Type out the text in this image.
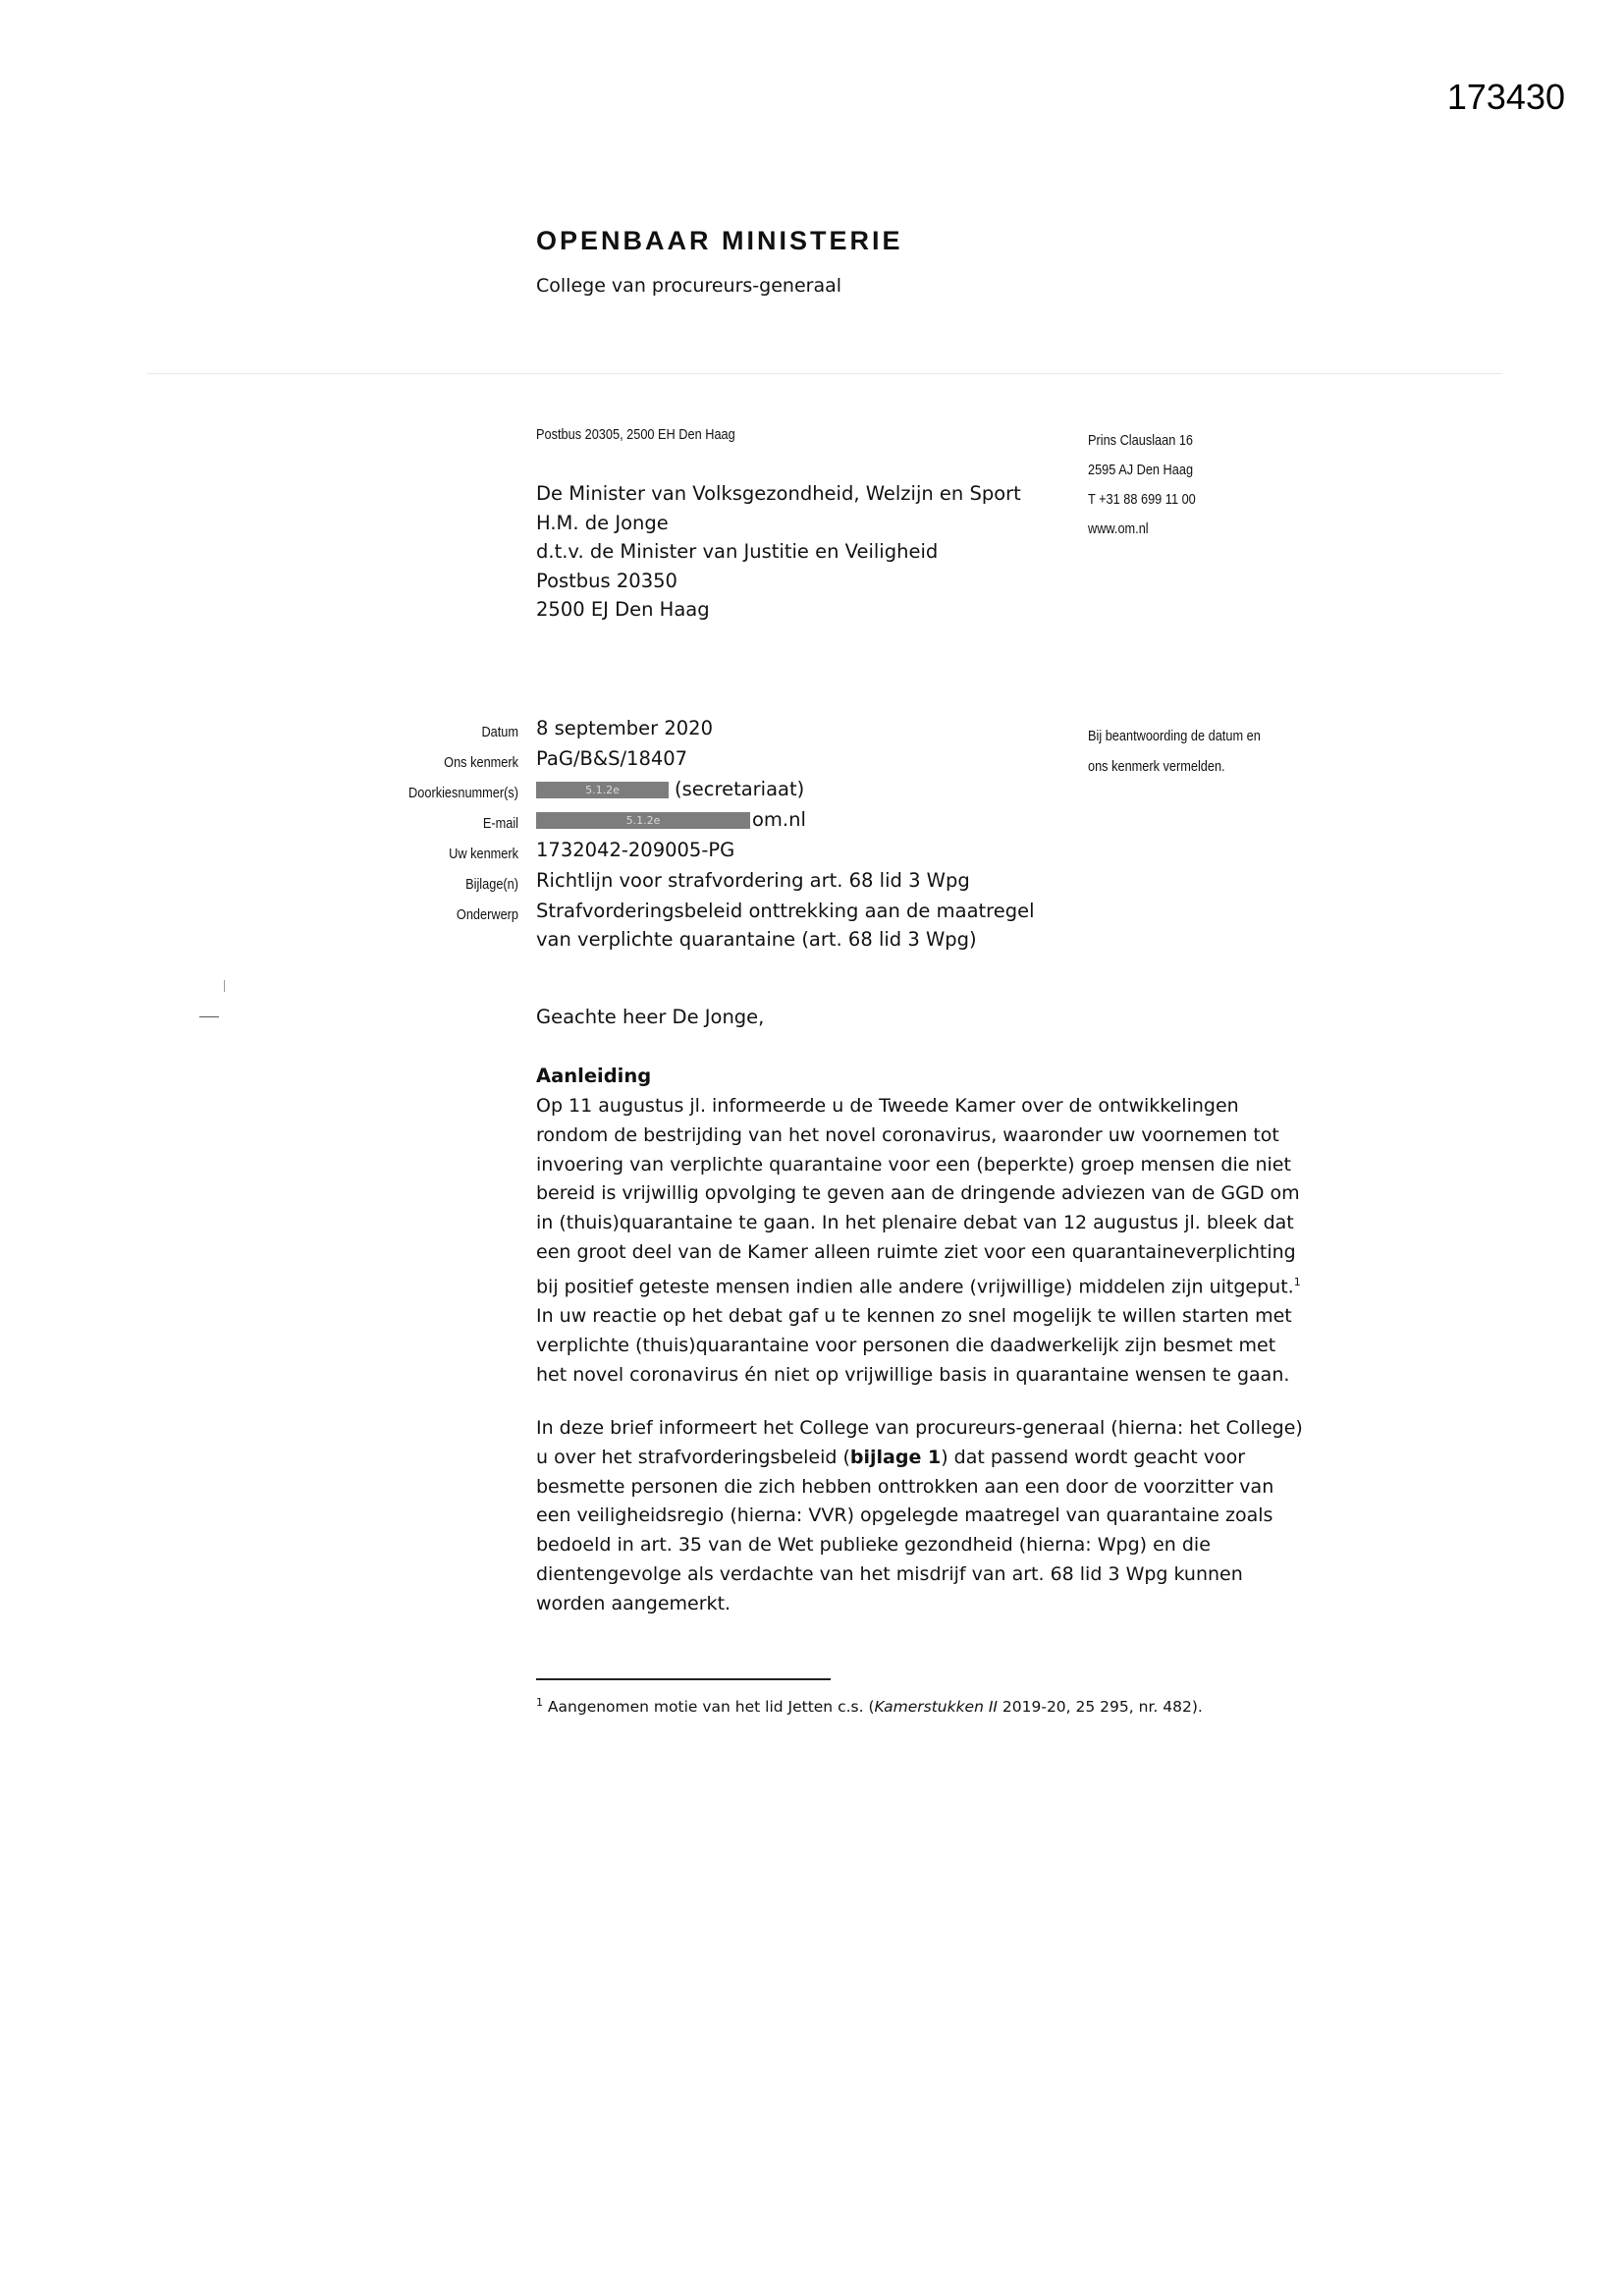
173430
OPENBAAR MINISTERIE
College van procureurs-generaal
Postbus 20305, 2500 EH Den Haag
De Minister van Volksgezondheid, Welzijn en Sport
H.M. de Jonge
d.t.v. de Minister van Justitie en Veiligheid
Postbus 20350
2500 EJ Den Haag
Prins Clauslaan 16
2595 AJ Den Haag
T +31 88 699 11 00
www.om.nl
Datum
Ons kenmerk
Doorkiesnummer(s)
E-mail
Uw kenmerk
Bijlage(n)
Onderwerp
8 september 2020
PaG/B&S/18407
5.1.2e	(secretariaat)
5.1.2e	om.nl
1732042-209005-PG
Richtlijn voor strafvordering art. 68 lid 3 Wpg
Strafvorderingsbeleid onttrekking aan de maatregel
van verplichte quarantaine (art. 68 lid 3 Wpg)
Bij beantwoording de datum en
ons kenmerk vermelden.
Geachte heer De Jonge,
Aanleiding
Op 11 augustus jl. informeerde u de Tweede Kamer over de ontwikkelingen
rondom de bestrijding van het novel coronavirus, waaronder uw voornemen tot
invoering van verplichte quarantaine voor een (beperkte) groep mensen die niet
bereid is vrijwillig opvolging te geven aan de dringende adviezen van de GGD om
in (thuis)quarantaine te gaan. In het plenaire debat van 12 augustus jl. bleek dat
een groot deel van de Kamer alleen ruimte ziet voor een quarantaineverplichting
bij positief geteste mensen indien alle andere (vrijwillige) middelen zijn uitgeput.$^1$
In uw reactie op het debat gaf u te kennen zo snel mogelijk te willen starten met
verplichte (thuis)quarantaine voor personen die daadwerkelijk zijn besmet met
het novel coronavirus én niet op vrijwillige basis in quarantaine wensen te gaan.
In deze brief informeert het College van procureurs-generaal (hierna: het College)
u over het strafvorderingsbeleid (bijlage 1) dat passend wordt geacht voor
besmette personen die zich hebben onttrokken aan een door de voorzitter van
een veiligheidsregio (hierna: VVR) opgelegde maatregel van quarantaine zoals
bedoeld in art. 35 van de Wet publieke gezondheid (hierna: Wpg) en die
dientengevolge als verdachte van het misdrijf van art. 68 lid 3 Wpg kunnen
worden aangemerkt.
$^1$ Aangenomen motie van het lid Jetten c.s. (Kamerstukken II 2019-20, 25 295, nr. 482).
